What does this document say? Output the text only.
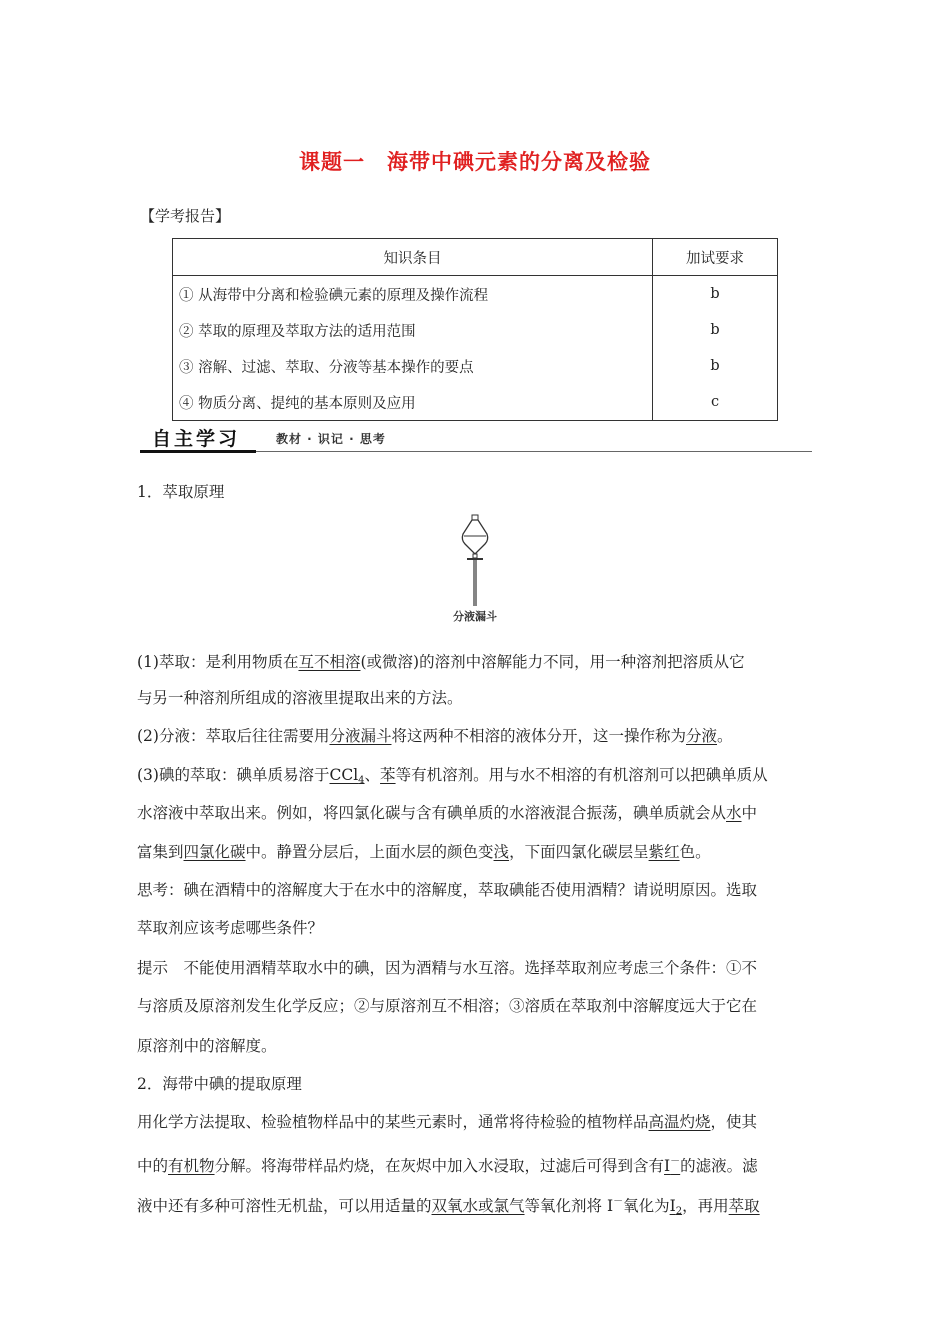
课题一　海带中碘元素的分离及检验
【学考报告】
知识条目	加试要求
① 从海带中分离和检验碘元素的原理及操作流程	b
② 萃取的原理及萃取方法的适用范围	b
③ 溶解、过滤、萃取、分液等基本操作的要点	b
④ 物质分离、提纯的基本原则及应用	c
自主学习	教材 · 识记 · 思考
1．萃取原理
分液漏斗
(1)萃取：是利用物质在互不相溶(或微溶)的溶剂中溶解能力不同，用一种溶剂把溶质从它
与另一种溶剂所组成的溶液里提取出来的方法。
(2)分液：萃取后往往需要用分液漏斗将这两种不相溶的液体分开，这一操作称为分液。
(3)碘的萃取：碘单质易溶于CCl$_4$、苯等有机溶剂。用与水不相溶的有机溶剂可以把碘单质从
水溶液中萃取出来。例如，将四氯化碳与含有碘单质的水溶液混合振荡，碘单质就会从水中
富集到四氯化碳中。静置分层后，上面水层的颜色变浅，下面四氯化碳层呈紫红色。
思考：碘在酒精中的溶解度大于在水中的溶解度，萃取碘能否使用酒精？请说明原因。选取
萃取剂应该考虑哪些条件？
提示　不能使用酒精萃取水中的碘，因为酒精与水互溶。选择萃取剂应考虑三个条件：①不
与溶质及原溶剂发生化学反应；②与原溶剂互不相溶；③溶质在萃取剂中溶解度远大于它在
原溶剂中的溶解度。
2．海带中碘的提取原理
用化学方法提取、检验植物样品中的某些元素时，通常将待检验的植物样品高温灼烧，使其
中的有机物分解。将海带样品灼烧，在灰烬中加入水浸取，过滤后可得到含有I－的滤液。滤
液中还有多种可溶性无机盐，可以用适量的双氧水或氯气等氧化剂将 I－氧化为$I_2$，再用萃取
